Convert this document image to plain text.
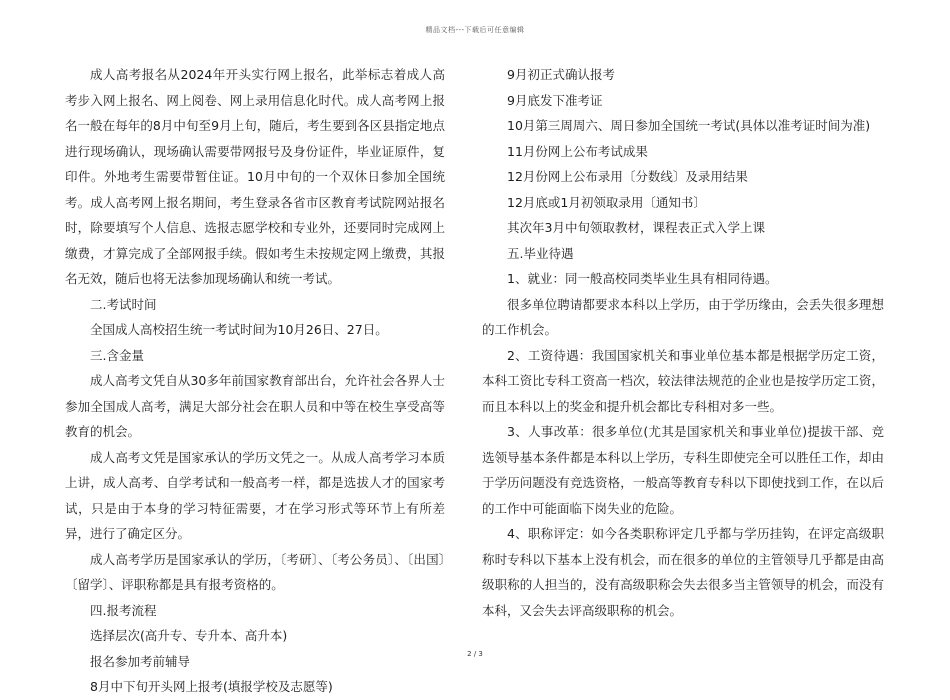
精品文档---下载后可任意编辑

成人高考报名从2024年开头实行网上报名，此举标志着成人高考步入网上报名、网上阅卷、网上录用信息化时代。成人高考网上报名一般在每年的8月中旬至9月上旬，随后，考生要到各区县指定地点进行现场确认，现场确认需要带网报号及身份证件，毕业证原件，复印件。外地考生需要带暂住证。10月中旬的一个双休日参加全国统考。成人高考网上报名期间，考生登录各省市区教育考试院网站报名时，除要填写个人信息、选报志愿学校和专业外，还要同时完成网上缴费，才算完成了全部网报手续。假如考生未按规定网上缴费，其报名无效，随后也将无法参加现场确认和统一考试。

二.考试时间

全国成人高校招生统一考试时间为10月26日、27日。

三.含金量

成人高考文凭自从30多年前国家教育部出台，允许社会各界人士参加全国成人高考，满足大部分社会在职人员和中等在校生享受高等教育的机会。

成人高考文凭是国家承认的学历文凭之一。从成人高考学习本质上讲，成人高考、自学考试和一般高考一样，都是选拔人才的国家考试，只是由于本身的学习特征需要，才在学习形式等环节上有所差异，进行了确定区分。

成人高考学历是国家承认的学历，〔考研〕、〔考公务员〕、〔出国〕〔留学〕、评职称都是具有报考资格的。

四.报考流程

选择层次(高升专、专升本、高升本)

报名参加考前辅导

8月中下旬开头网上报考(填报学校及志愿等)

9月初正式确认报考

9月底发下准考证

10月第三周周六、周日参加全国统一考试(具体以准考证时间为准)

11月份网上公布考试成果

12月份网上公布录用〔分数线〕及录用结果

12月底或1月初领取录用〔通知书〕

其次年3月中旬领取教材，课程表正式入学上课

五.毕业待遇

1、就业：同一般高校同类毕业生具有相同待遇。

很多单位聘请都要求本科以上学历，由于学历缘由，会丢失很多理想的工作机会。

2、工资待遇：我国国家机关和事业单位基本都是根据学历定工资，本科工资比专科工资高一档次，较法律法规范的企业也是按学历定工资，而且本科以上的奖金和提升机会都比专科相对多一些。

3、人事改革：很多单位(尤其是国家机关和事业单位)提拔干部、竞选领导基本条件都是本科以上学历，专科生即使完全可以胜任工作，却由于学历问题没有竞选资格，一般高等教育专科以下即使找到工作，在以后的工作中可能面临下岗失业的危险。

4、职称评定：如今各类职称评定几乎都与学历挂钩，在评定高级职称时专科以下基本上没有机会，而在很多的单位的主管领导几乎都是由高级职称的人担当的，没有高级职称会失去很多当主管领导的机会，而没有本科，又会失去评高级职称的机会。

2 / 3
